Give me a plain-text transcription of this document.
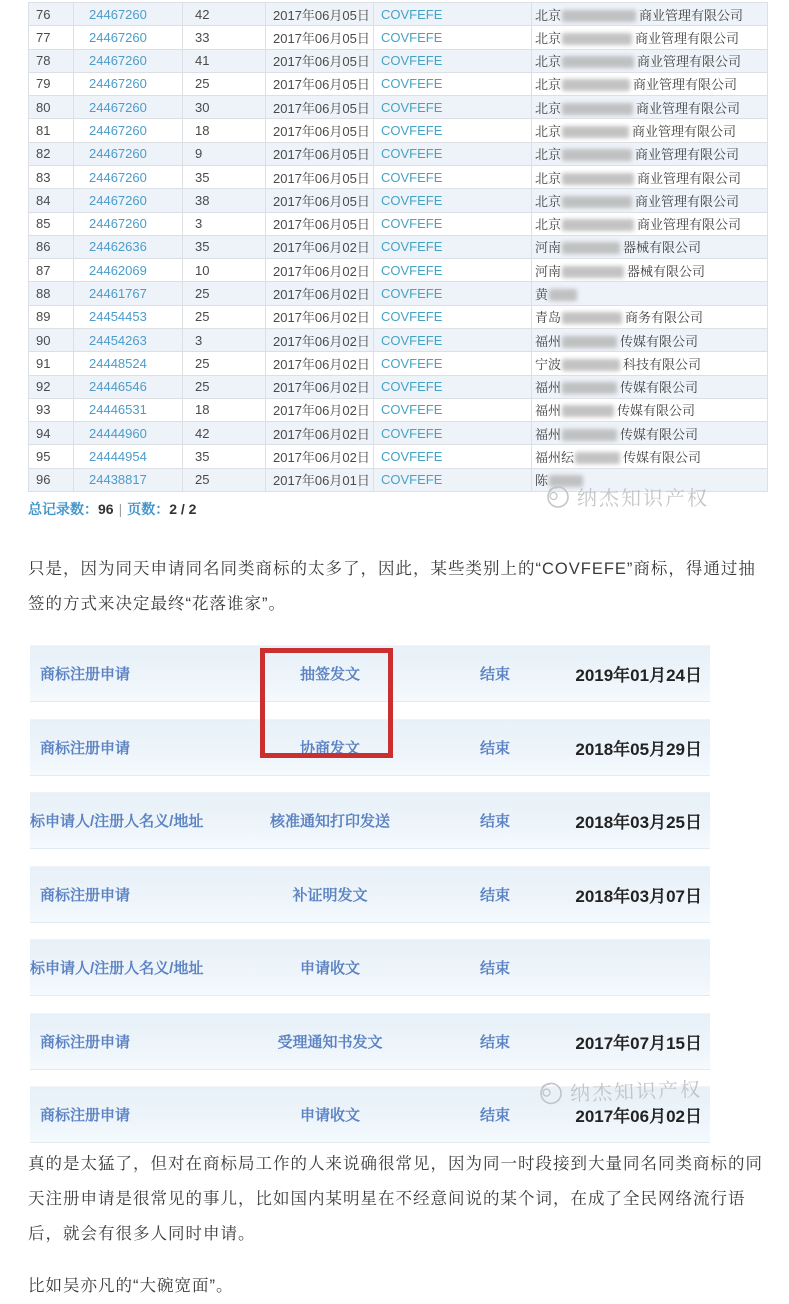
76	24467260	42	2017年06月05日	COVFEFE	北京 商业管理有限公司
77	24467260	33	2017年06月05日	COVFEFE	北京 商业管理有限公司
78	24467260	41	2017年06月05日	COVFEFE	北京 商业管理有限公司
79	24467260	25	2017年06月05日	COVFEFE	北京 商业管理有限公司
80	24467260	30	2017年06月05日	COVFEFE	北京 商业管理有限公司
81	24467260	18	2017年06月05日	COVFEFE	北京 商业管理有限公司
82	24467260	9	2017年06月05日	COVFEFE	北京 商业管理有限公司
83	24467260	35	2017年06月05日	COVFEFE	北京 商业管理有限公司
84	24467260	38	2017年06月05日	COVFEFE	北京 商业管理有限公司
85	24467260	3	2017年06月05日	COVFEFE	北京 商业管理有限公司
86	24462636	35	2017年06月02日	COVFEFE	河南 器械有限公司
87	24462069	10	2017年06月02日	COVFEFE	河南 器械有限公司
88	24461767	25	2017年06月02日	COVFEFE	黄
89	24454453	25	2017年06月02日	COVFEFE	青岛 商务有限公司
90	24454263	3	2017年06月02日	COVFEFE	福州 传媒有限公司
91	24448524	25	2017年06月02日	COVFEFE	宁波 科技有限公司
92	24446546	25	2017年06月02日	COVFEFE	福州 传媒有限公司
93	24446531	18	2017年06月02日	COVFEFE	福州 传媒有限公司
94	24444960	42	2017年06月02日	COVFEFE	福州 传媒有限公司
95	24444954	35	2017年06月02日	COVFEFE	福州纭 传媒有限公司
96	24438817	25	2017年06月01日	COVFEFE	陈
总记录数：96 | 页数：2 / 2	纳杰知识产权
只是，因为同天申请同名同类商标的太多了，因此，某些类别上的“COVFEFE”商标，得通过抽签的方式来决定最终“花落谁家”。
商标注册申请	抽签发文	结束	2019年01月24日
商标注册申请	协商发文	结束	2018年05月29日
标申请人/注册人名义/地址	核准通知打印发送	结束	2018年03月25日
商标注册申请	补证明发文	结束	2018年03月07日
标申请人/注册人名义/地址	申请收文	结束
商标注册申请	受理通知书发文	结束	2017年07月15日
商标注册申请	申请收文	结束	2017年06月02日
纳杰知识产权
真的是太猛了，但对在商标局工作的人来说确很常见，因为同一时段接到大量同名同类商标的同天注册申请是很常见的事儿，比如国内某明星在不经意间说的某个词，在成了全民网络流行语后，就会有很多人同时申请。
比如吴亦凡的“大碗宽面”。
